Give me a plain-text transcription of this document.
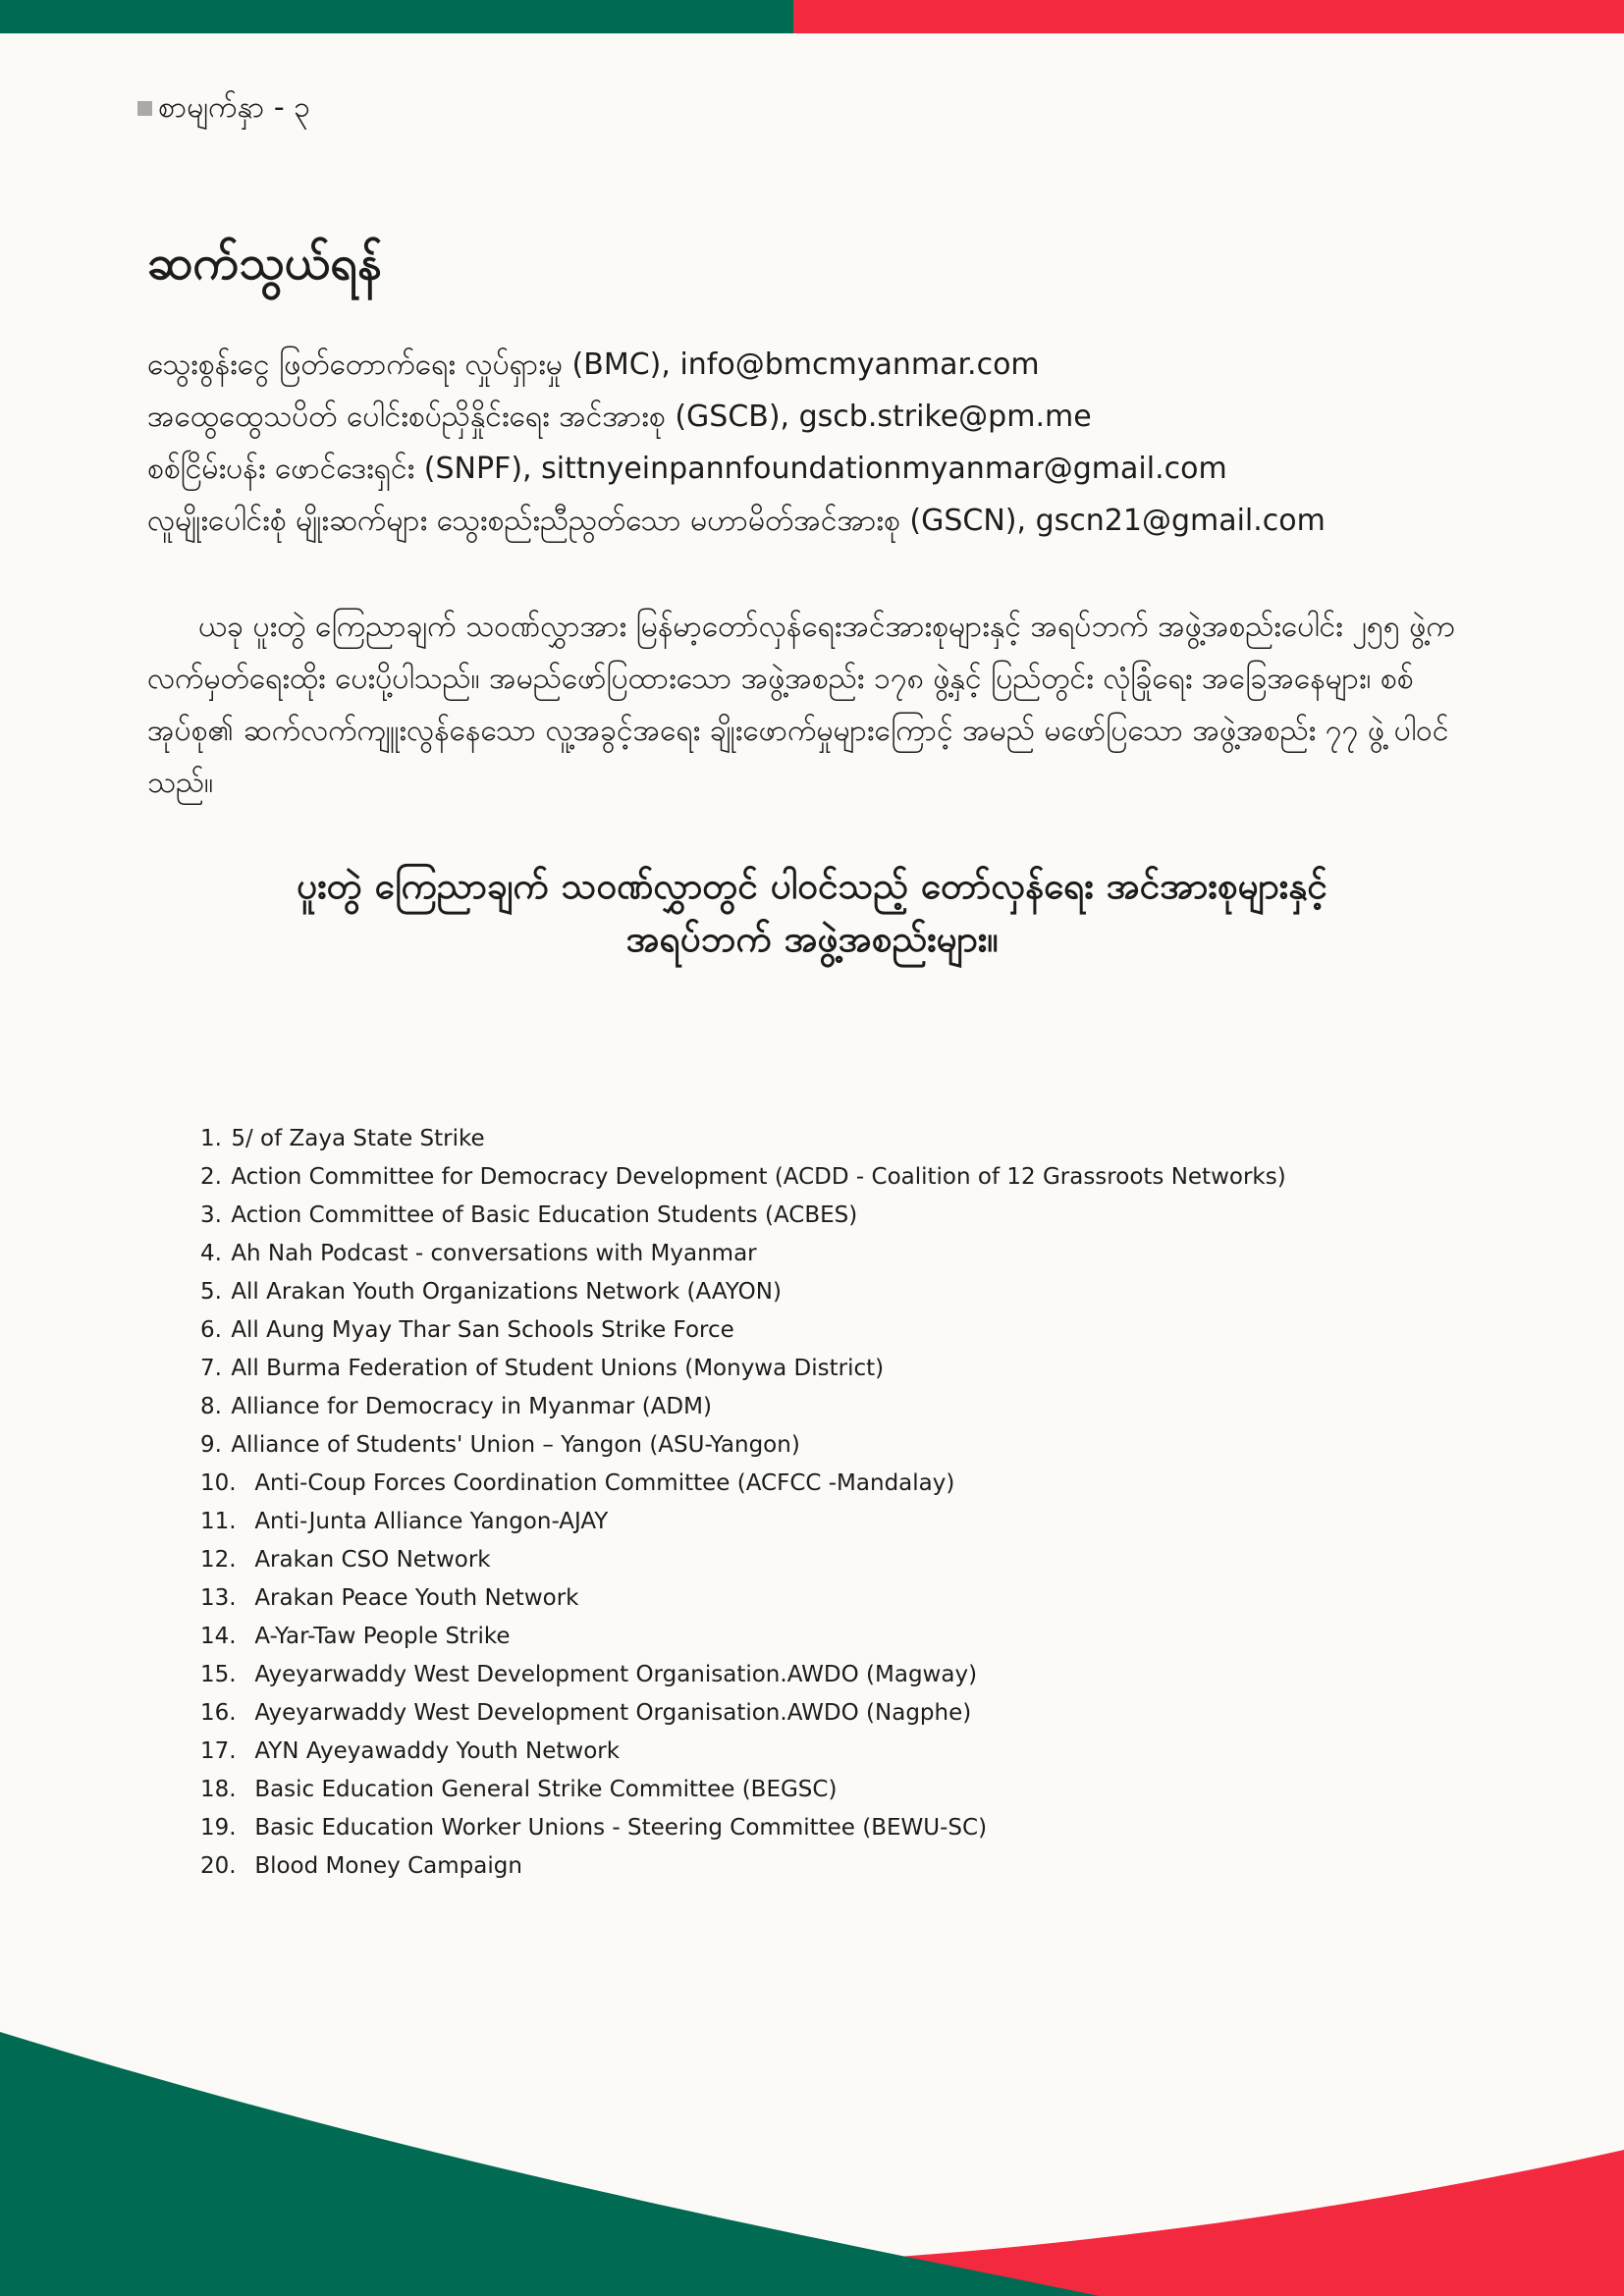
စာမျက်နှာ - ၃
ဆက်သွယ်ရန်
သွေးစွန်းငွေ ဖြတ်တောက်ရေး လှုပ်ရှားမှု (BMC), info@bmcmyanmar.com
အထွေထွေသပိတ် ပေါင်းစပ်ညှိနှိုင်းရေး အင်အားစု (GSCB), gscb.strike@pm.me
စစ်ငြိမ်းပန်း ဖောင်ဒေးရှင်း (SNPF), sittnyeinpannfoundationmyanmar@gmail.com
လူမျိုးပေါင်းစုံ မျိုးဆက်များ သွေးစည်းညီညွတ်သော မဟာမိတ်အင်အားစု (GSCN), gscn21@gmail.com

ယခု ပူးတွဲ ကြေညာချက် သဝဏ်လွှာအား မြန်မာ့တော်လှန်ရေးအင်အားစုများနှင့် အရပ်ဘက် အဖွဲ့အစည်းပေါင်း ၂၅၅ ဖွဲ့က လက်မှတ်ရေးထိုး ပေးပို့ပါသည်။ အမည်ဖော်ပြထားသော အဖွဲ့အစည်း ၁၇၈ ဖွဲ့နှင့် ပြည်တွင်း လုံခြုံရေး အခြေအနေများ၊ စစ်အုပ်စု၏ ဆက်လက်ကျူးလွန်နေသော လူ့အခွင့်အရေး ချိုးဖောက်မှုများကြောင့် အမည် မဖော်ပြသော အဖွဲ့အစည်း ၇၇ ဖွဲ့ ပါဝင်သည်။

ပူးတွဲ ကြေညာချက် သဝဏ်လွှာတွင် ပါဝင်သည့် တော်လှန်ရေး အင်အားစုများနှင့်
အရပ်ဘက် အဖွဲ့အစည်းများ။
1.
5/ of Zaya State Strike
2.
Action Committee for Democracy Development (ACDD - Coalition of 12 Grassroots Networks)
3.
Action Committee of Basic Education Students (ACBES)
4.
Ah Nah Podcast - conversations with Myanmar
5.
All Arakan Youth Organizations Network (AAYON)
6.
All Aung Myay Thar San Schools Strike Force
7.
All Burma Federation of Student Unions (Monywa District)
8.
Alliance for Democracy in Myanmar (ADM)
9.
Alliance of Students' Union – Yangon (ASU-Yangon)
10.
Anti-Coup Forces Coordination Committee (ACFCC -Mandalay)
11.
Anti-Junta Alliance Yangon-AJAY
12.
Arakan CSO Network
13.
Arakan Peace Youth Network
14.
A-Yar-Taw People Strike
15.
Ayeyarwaddy West Development Organisation.AWDO (Magway)
16.
Ayeyarwaddy West Development Organisation.AWDO (Nagphe)
17.
AYN Ayeyawaddy Youth Network
18.
Basic Education General Strike Committee (BEGSC)
19.
Basic Education Worker Unions - Steering Committee (BEWU-SC)
20.
Blood Money Campaign
